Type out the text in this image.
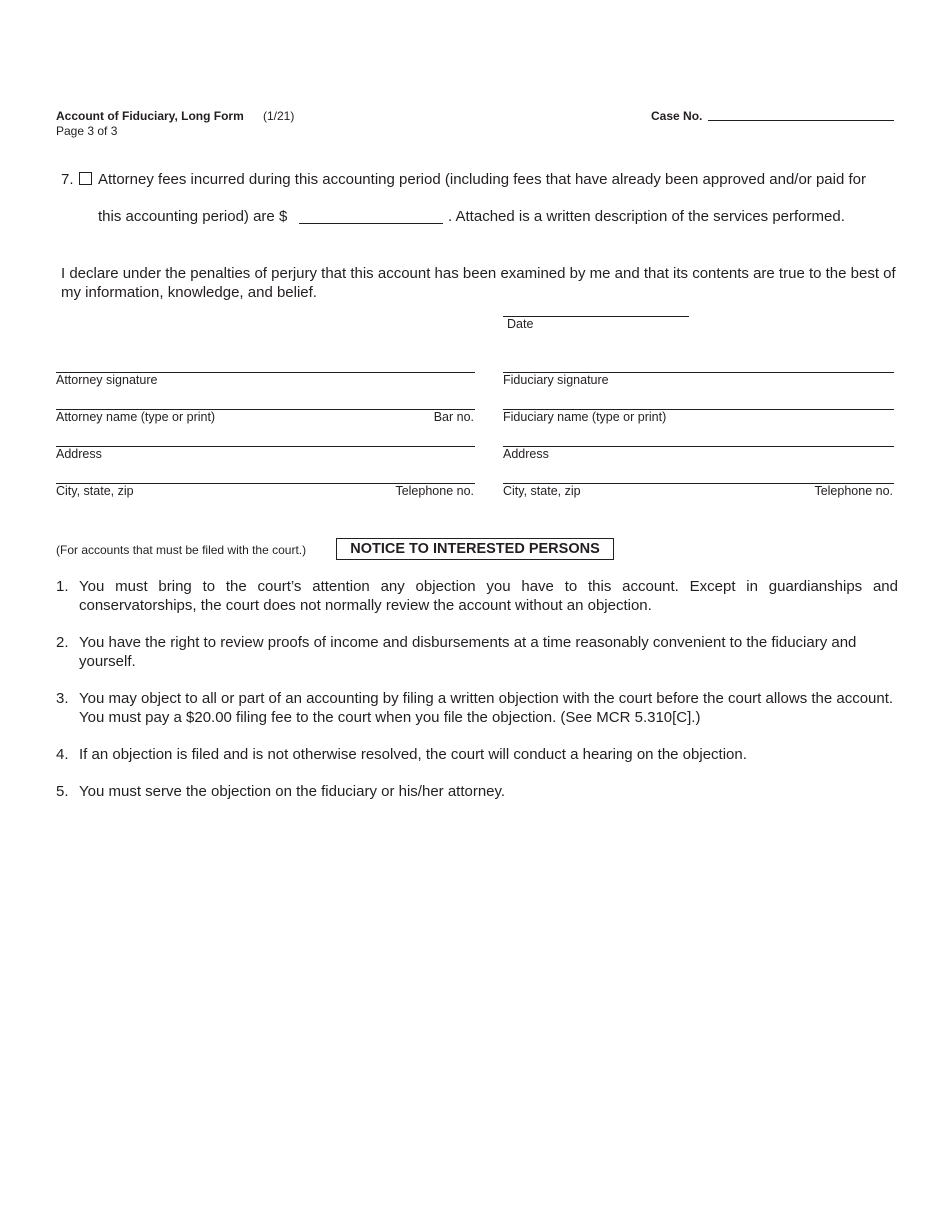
Account of Fiduciary, Long Form (1/21)
Page 3 of 3
Case No.
7. Attorney fees incurred during this accounting period (including fees that have already been approved and/or paid for
this accounting period) are $	. Attached is a written description of the services performed.
I declare under the penalties of perjury that this account has been examined by me and that its contents are true to the best of my information, knowledge, and belief.
Date
Attorney signature
Attorney name (type or print)	Bar no.
Address
City, state, zip	Telephone no.
Fiduciary signature
Fiduciary name (type or print)
Address
City, state, zip	Telephone no.
(For accounts that must be filed with the court.)	NOTICE TO INTERESTED PERSONS
1. You must bring to the court’s attention any objection you have to this account. Except in guardianships and conservatorships, the court does not normally review the account without an objection.
2. You have the right to review proofs of income and disbursements at a time reasonably convenient to the fiduciary and yourself.
3. You may object to all or part of an accounting by filing a written objection with the court before the court allows the account. You must pay a $20.00 filing fee to the court when you file the objection. (See MCR 5.310[C].)
4. If an objection is filed and is not otherwise resolved, the court will conduct a hearing on the objection.
5. You must serve the objection on the fiduciary or his/her attorney.
